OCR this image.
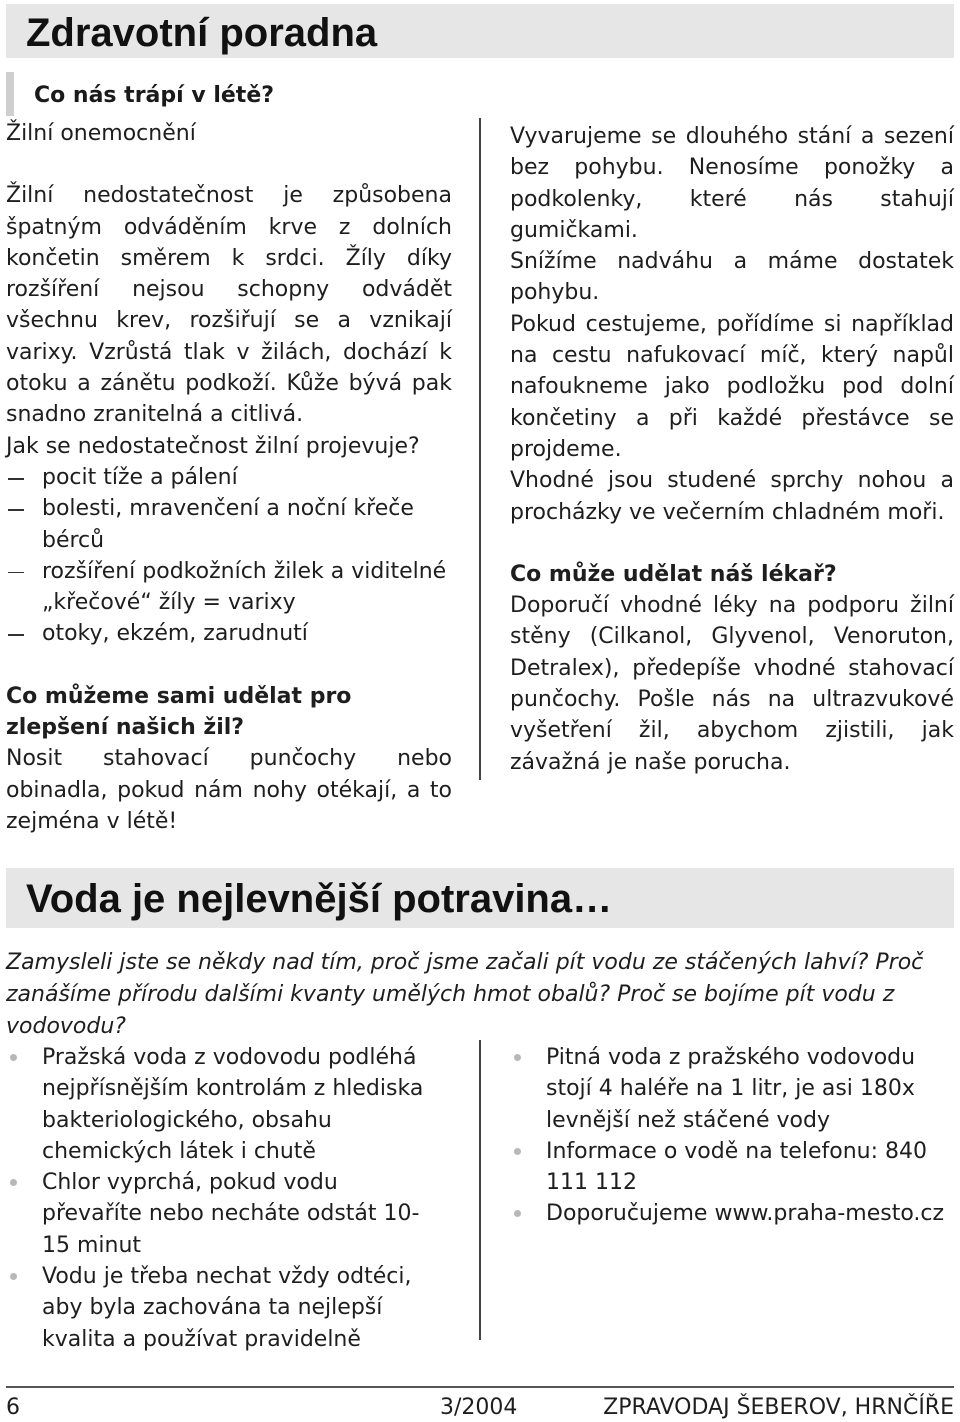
Zdravotní poradna
Co nás trápí v létě?

Žilní onemocnění

Žilní nedostatečnost je způsobena špatným odváděním krve z dolních končetin směrem k srdci. Žíly díky rozšíření nejsou schopny odvádět všechnu krev, rozšiřují se a vznikají varixy. Vzrůstá tlak v žilách, dochází k otoku a zánětu podkoží. Kůže bývá pak snadno zranitelná a citlivá.

Jak se nedostatečnost žilní projevuje?

pocit tíže a pálení
bolesti, mravenčení a noční křeče bérců
rozšíření podkožních žilek a viditelné „křečové“ žíly = varixy
otoky, ekzém, zarudnutí

Co můžeme sami udělat pro zlepšení našich žil?

Nosit stahovací punčochy nebo obinadla, pokud nám nohy otékají, a to zejména v létě!

Vyvarujeme se dlouhého stání a sezení bez pohybu. Nenosíme ponožky a podkolenky, které nás stahují gumičkami.

Snížíme nadváhu a máme dostatek pohybu.

Pokud cestujeme, pořídíme si například na cestu nafukovací míč, který napůl nafoukneme jako podložku pod dolní končetiny a při každé přestávce se projdeme.

Vhodné jsou studené sprchy nohou a procházky ve večerním chladném moři.

Co může udělat náš lékař?

Doporučí vhodné léky na podporu žilní stěny (Cilkanol, Glyvenol, Venoruton, Detralex), předepíše vhodné stahovací punčochy. Pošle nás na ultrazvukové vyšetření žil, abychom zjistili, jak závažná je naše porucha.

Voda je nejlevnější potravina…

Zamysleli jste se někdy nad tím, proč jsme začali pít vodu ze stáčených lahví? Proč zanášíme přírodu dalšími kvanty umělých hmot obalů? Proč se bojíme pít vodu z vodovodu?

Pražská voda z vodovodu podléhá nejpřísnějším kontrolám z hlediska bakteriologického, obsahu chemických látek i chutě
Chlor vyprchá, pokud vodu převaříte nebo necháte odstát 10-15 minut
Vodu je třeba nechat vždy odtéci, aby byla zachována ta nejlepší kvalita a používat pravidelně
Pitná voda z pražského vodovodu stojí 4 haléře na 1 litr, je asi 180x levnější než stáčené vody
Informace o vodě na telefonu: 840 111 112
Doporučujeme www.praha-mesto.cz

6	3/2004	ZPRAVODAJ ŠEBEROV, HRNČÍŘE
